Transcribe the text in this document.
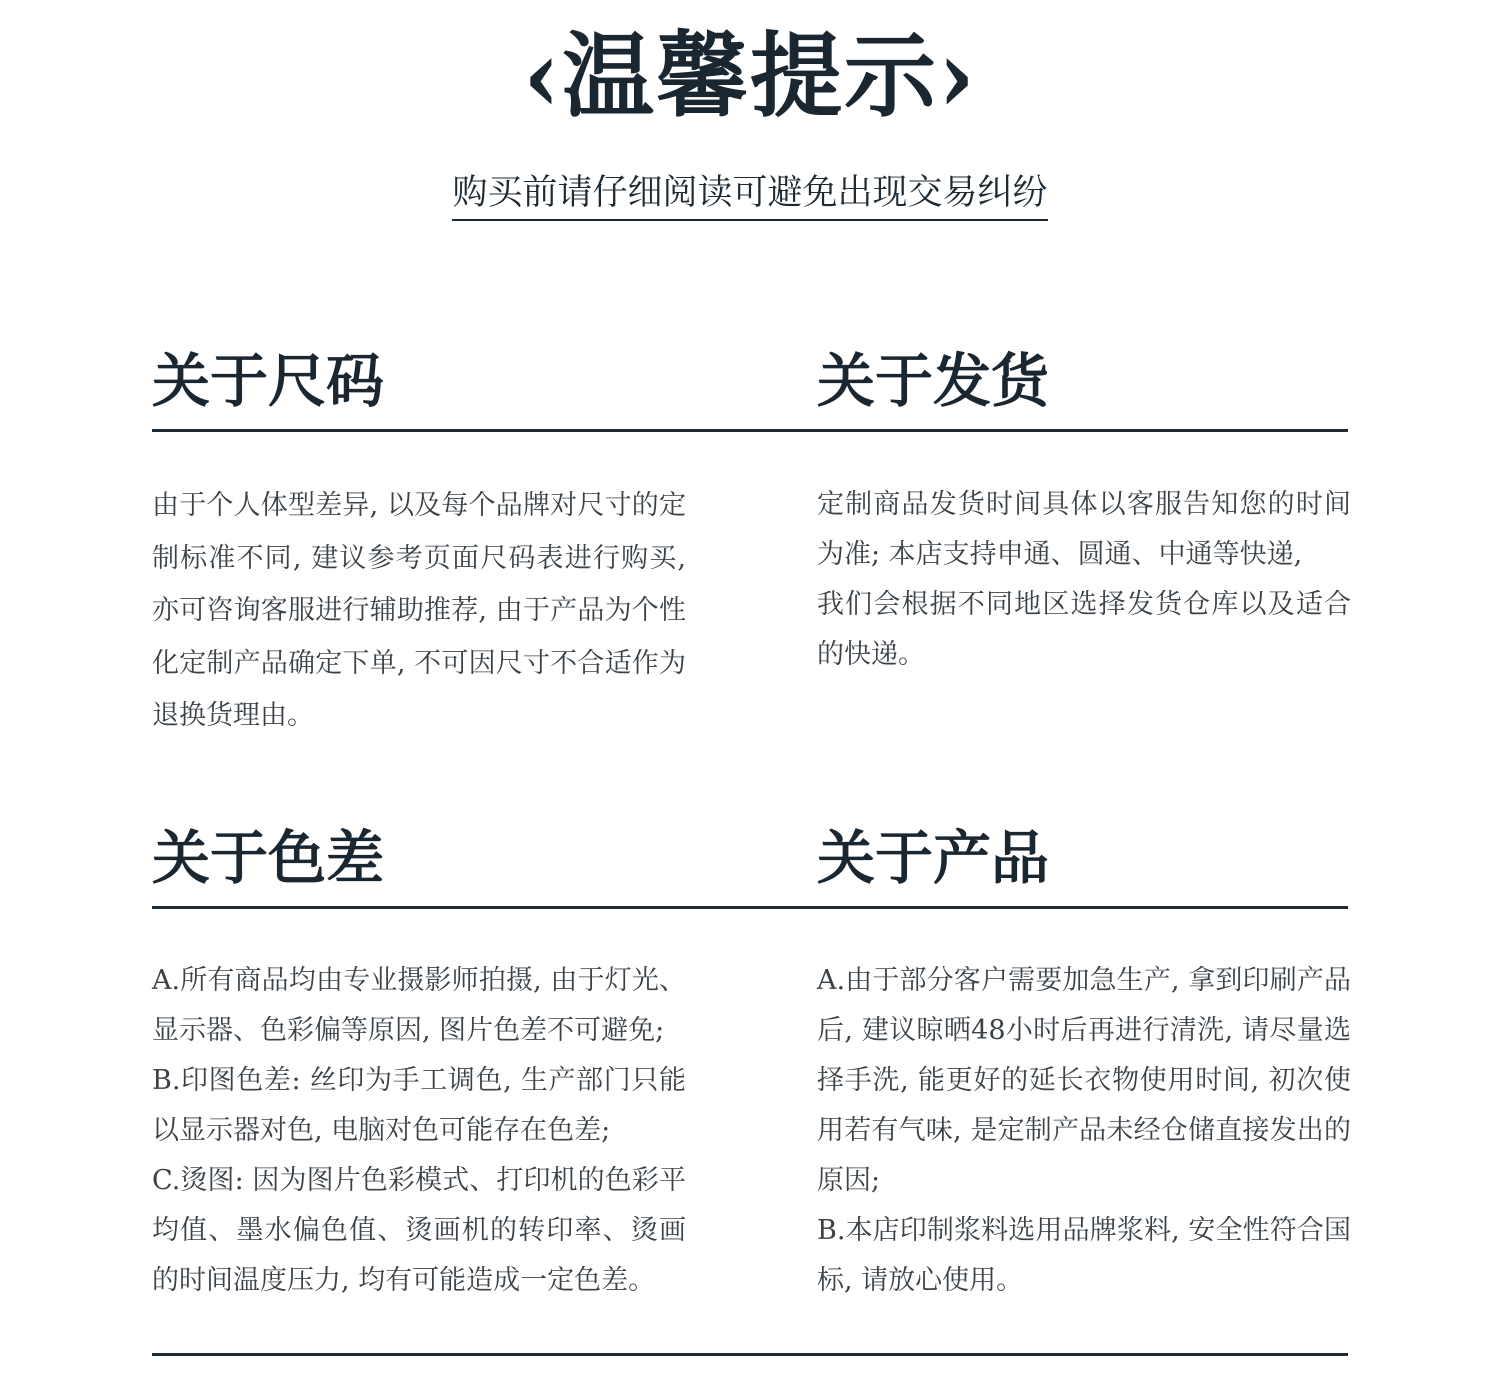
‹温馨提示›
购买前请仔细阅读可避免出现交易纠纷
关于尺码

由于个人体型差异, 以及每个品牌对尺寸的定制标准不同, 建议参考页面尺码表进行购买, 亦可咨询客服进行辅助推荐, 由于产品为个性化定制产品确定下单, 不可因尺寸不合适作为退换货理由。

关于发货

定制商品发货时间具体以客服告知您的时间为准; 本店支持申通、圆通、中通等快递,

我们会根据不同地区选择发货仓库以及适合的快递。

关于色差

A.所有商品均由专业摄影师拍摄, 由于灯光、显示器、色彩偏等原因, 图片色差不可避免;

B.印图色差: 丝印为手工调色, 生产部门只能以显示器对色, 电脑对色可能存在色差;

C.烫图: 因为图片色彩模式、打印机的色彩平均值、墨水偏色值、烫画机的转印率、烫画的时间温度压力, 均有可能造成一定色差。

关于产品

A.由于部分客户需要加急生产, 拿到印刷产品后, 建议晾晒48小时后再进行清洗, 请尽量选择手洗, 能更好的延长衣物使用时间, 初次使用若有气味, 是定制产品未经仓储直接发出的原因;

B.本店印制浆料选用品牌浆料, 安全性符合国标, 请放心使用。
